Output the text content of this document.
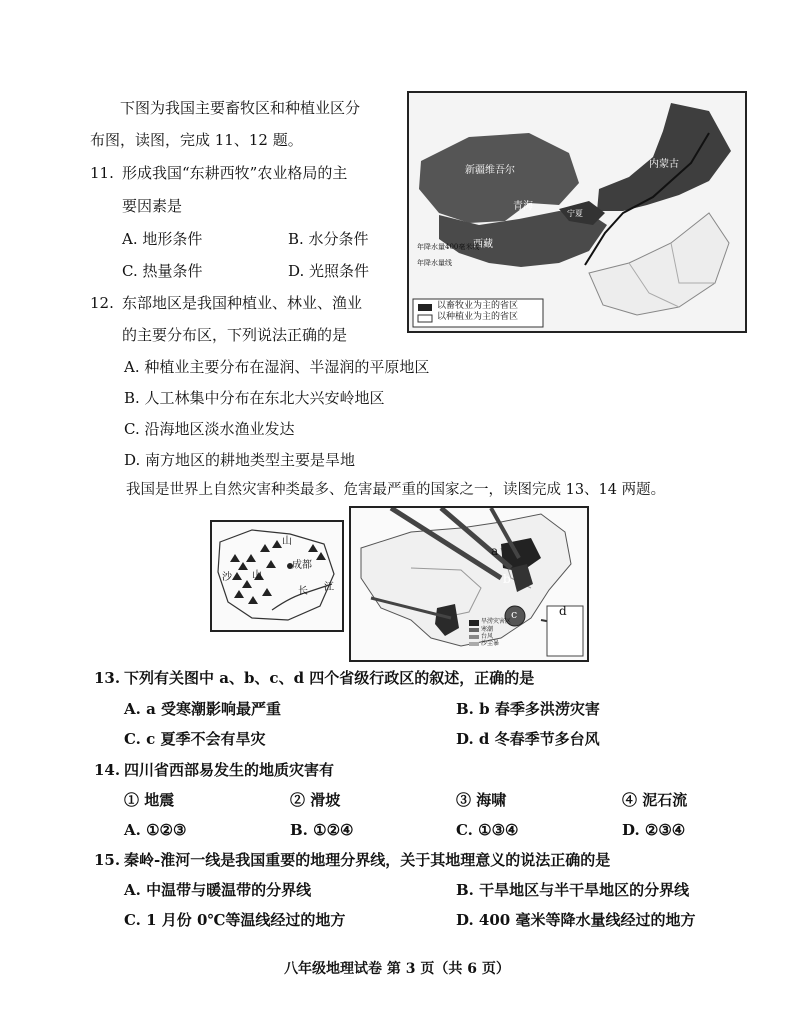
下图为我国主要畜牧区和种植业区分
布图，读图，完成 11、12 题。
新疆维吾尔
内蒙古
青海
西藏
宁夏
年降水量400毫米线
年降水量线
以畜牧业为主的省区
以种植业为主的省区
11. 形成我国“东耕西牧”农业格局的主
要因素是
A. 地形条件	B. 水分条件
C. 热量条件	D. 光照条件
12. 东部地区是我国种植业、林业、渔业
的主要分布区，下列说法正确的是
A. 种植业主要分布在湿润、半湿润的平原地区
B. 人工林集中分布在东北大兴安岭地区
C. 沿海地区淡水渔业发达
D. 南方地区的耕地类型主要是旱地
我国是世界上自然灾害种类最多、危害最严重的国家之一，读图完成 13、14 两题。
山
成都
长 江
山
沙
a
b
c	d
旱涝灾害区
寒潮
台风
沙尘暴
13. 下列有关图中 a、b、c、d 四个省级行政区的叙述，正确的是
A. a 受寒潮影响最严重	B. b 春季多洪涝灾害
C. c 夏季不会有旱灾	D. d 冬春季节多台风
14. 四川省西部易发生的地质灾害有
① 地震	② 滑坡	③ 海啸	④ 泥石流
A. ①②③	B. ①②④	C. ①③④	D. ②③④
15. 秦岭-淮河一线是我国重要的地理分界线，关于其地理意义的说法正确的是
A. 中温带与暖温带的分界线	B. 干旱地区与半干旱地区的分界线
C. 1 月份 0℃等温线经过的地方	D. 400 毫米等降水量线经过的地方
八年级地理试卷 第 3 页（共 6 页）
